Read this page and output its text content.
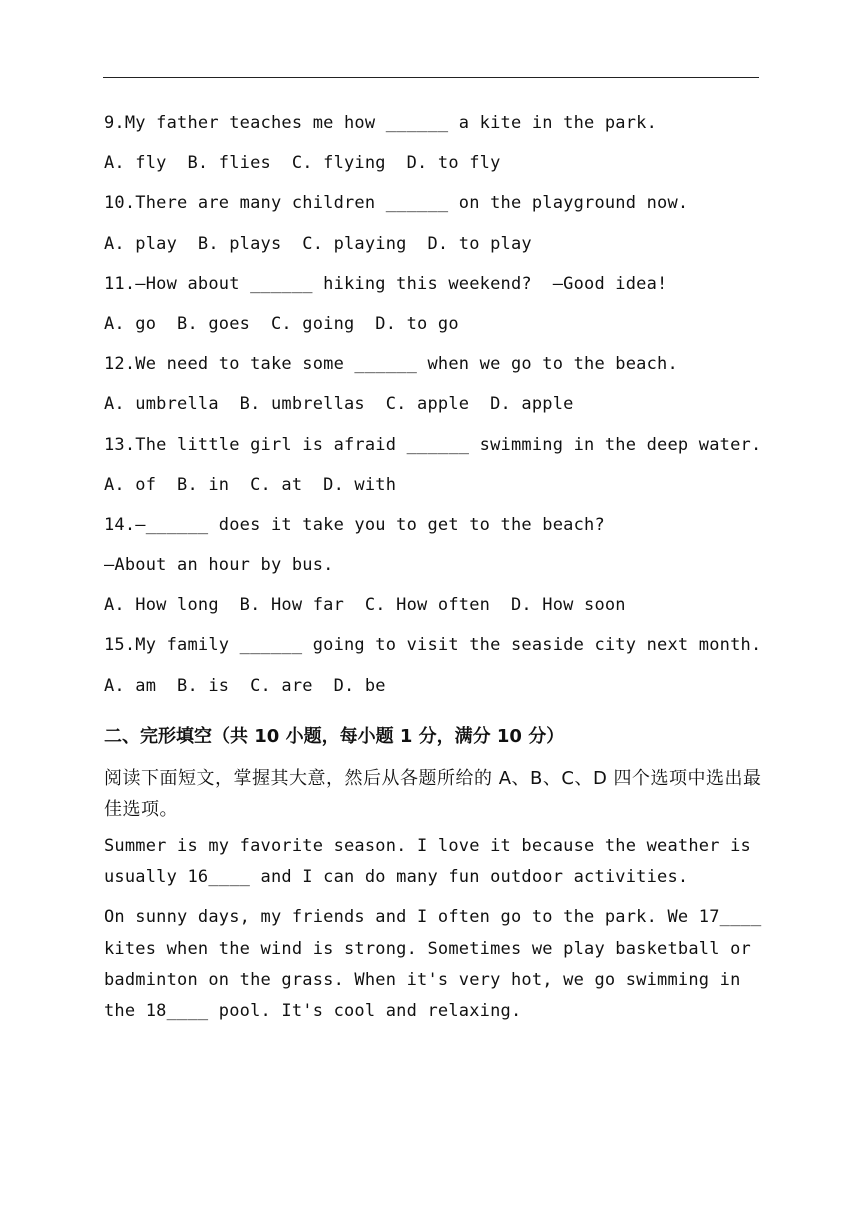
9.My father teaches me how ______ a kite in the park.
A. fly  B. flies  C. flying  D. to fly
10.There are many children ______ on the playground now.
A. play  B. plays  C. playing  D. to play
11.—How about ______ hiking this weekend?  —Good idea!
A. go  B. goes  C. going  D. to go
12.We need to take some ______ when we go to the beach.
A. umbrella  B. umbrellas  C. apple  D. apple
13.The little girl is afraid ______ swimming in the deep water.
A. of  B. in  C. at  D. with
14.—______ does it take you to get to the beach?
—About an hour by bus.
A. How long  B. How far  C. How often  D. How soon
15.My family ______ going to visit the seaside city next month.
A. am  B. is  C. are  D. be
二、完形填空（共 10 小题，每小题 1 分，满分 10 分）
阅读下面短文，掌握其大意，然后从各题所给的 A、B、C、D 四个选项中选出最佳选项。
Summer is my favorite season. I love it because the weather is
usually 16____ and I can do many fun outdoor activities.
On sunny days, my friends and I often go to the park. We 17____
kites when the wind is strong. Sometimes we play basketball or
badminton on the grass. When it's very hot, we go swimming in
the 18____ pool. It's cool and relaxing.
